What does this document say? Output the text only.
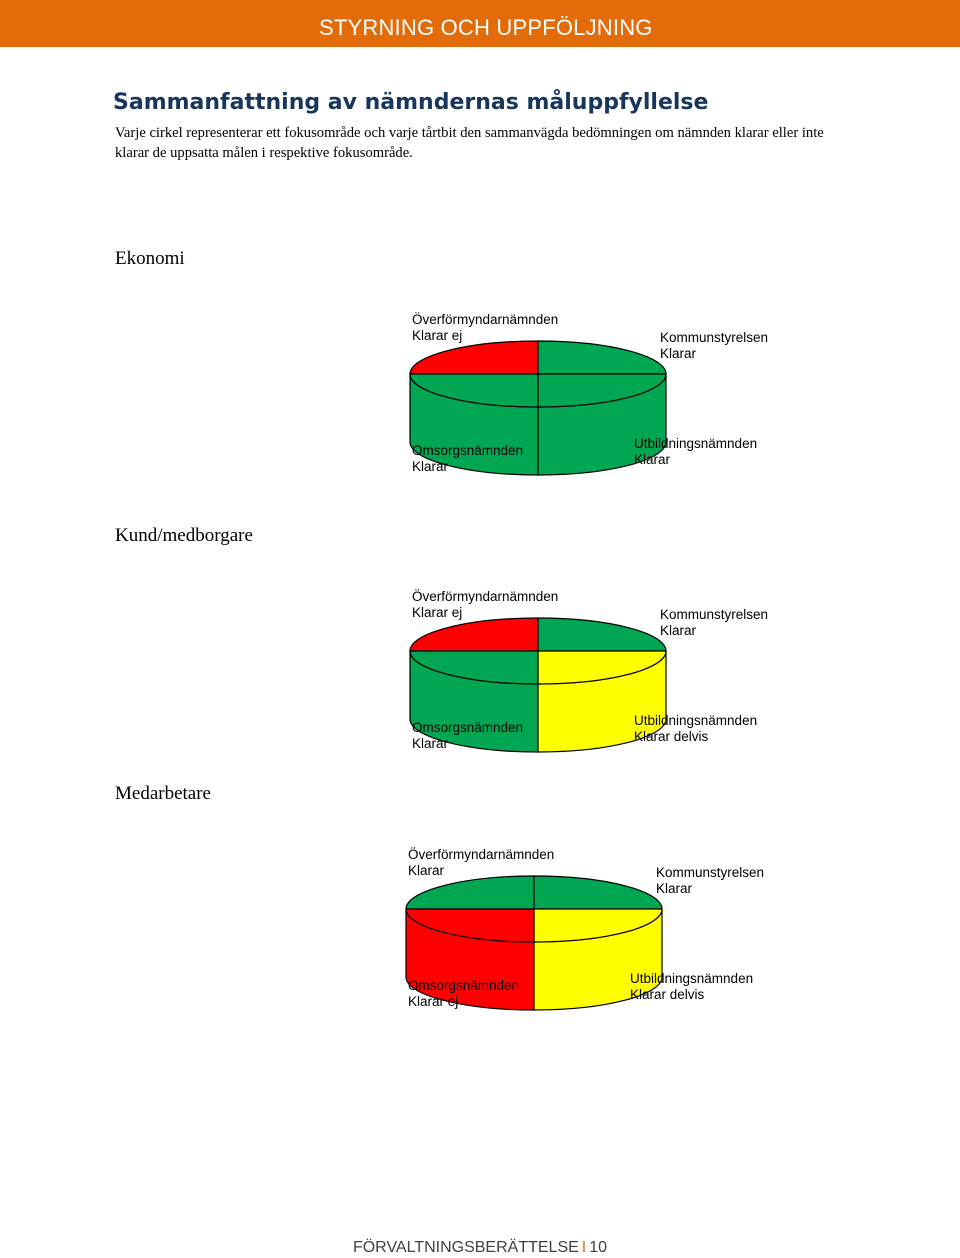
STYRNING OCH UPPFÖLJNING
Sammanfattning av nämndernas måluppfyllelse
Varje cirkel representerar ett fokusområde och varje tårtbit den sammanvägda bedömningen om nämnden klarar eller inte klarar de uppsatta målen i respektive fokusområde.
Ekonomi
Kund/medborgare
Medarbetare
Överförmyndarnämnden
Klarar ej	Kommunstyrelsen
Klarar
Utbildningsnämnden
Klarar
Omsorgsnämnden
Klarar
Överförmyndarnämnden
Klarar ej	Kommunstyrelsen
Klarar
Utbildningsnämnden
Klarar delvis
Omsorgsnämnden
Klarar
Överförmyndarnämnden
Klarar	Kommunstyrelsen
Klarar
Utbildningsnämnden
Klarar delvis
Omsorgsnämnden
Klarar ej
FÖRVALTNINGSBERÄTTELSE I 10
